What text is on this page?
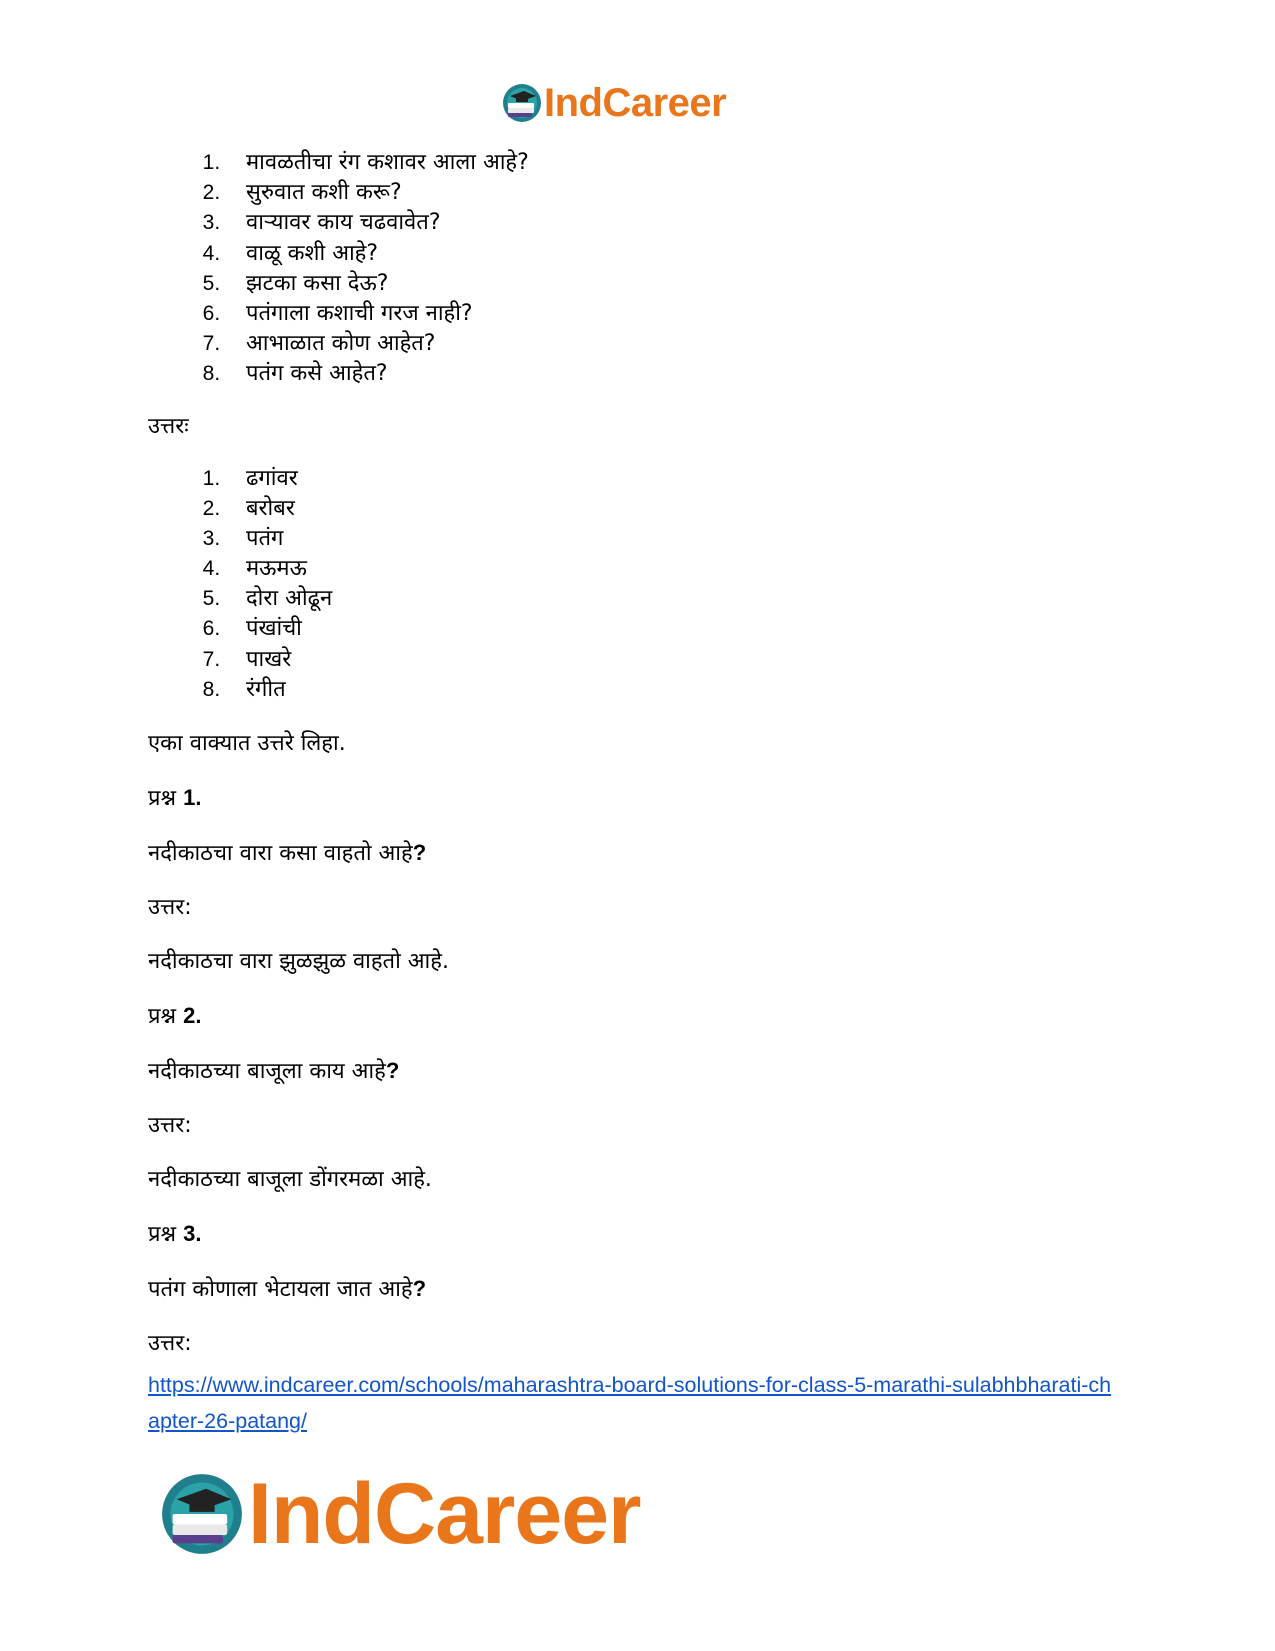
IndCareer
1. मावळतीचा रंग कशावर आला आहे?
2. सुरुवात कशी करू?
3. वाऱ्यावर काय चढवावेत?
4. वाळू कशी आहे?
5. झटका कसा देऊ?
6. पतंगाला कशाची गरज नाही?
7. आभाळात कोण आहेत?
8. पतंग कसे आहेत?

उत्तरः

1. ढगांवर
2. बरोबर
3. पतंग
4. मऊमऊ
5. दोरा ओढून
6. पंखांची
7. पाखरे
8. रंगीत

एका वाक्यात उत्तरे लिहा.

प्रश्न 1.

नदीकाठचा वारा कसा वाहतो आहे?

उत्तर:

नदीकाठचा वारा झुळझुळ वाहतो आहे.

प्रश्न 2.

नदीकाठच्या बाजूला काय आहे?

उत्तर:

नदीकाठच्या बाजूला डोंगरमळा आहे.

प्रश्न 3.

पतंग कोणाला भेटायला जात आहे?

उत्तर:

https://www.indcareer.com/schools/maharashtra-board-solutions-for-class-5-marathi-sulabhbharati-chapter-26-patang/
IndCareer
